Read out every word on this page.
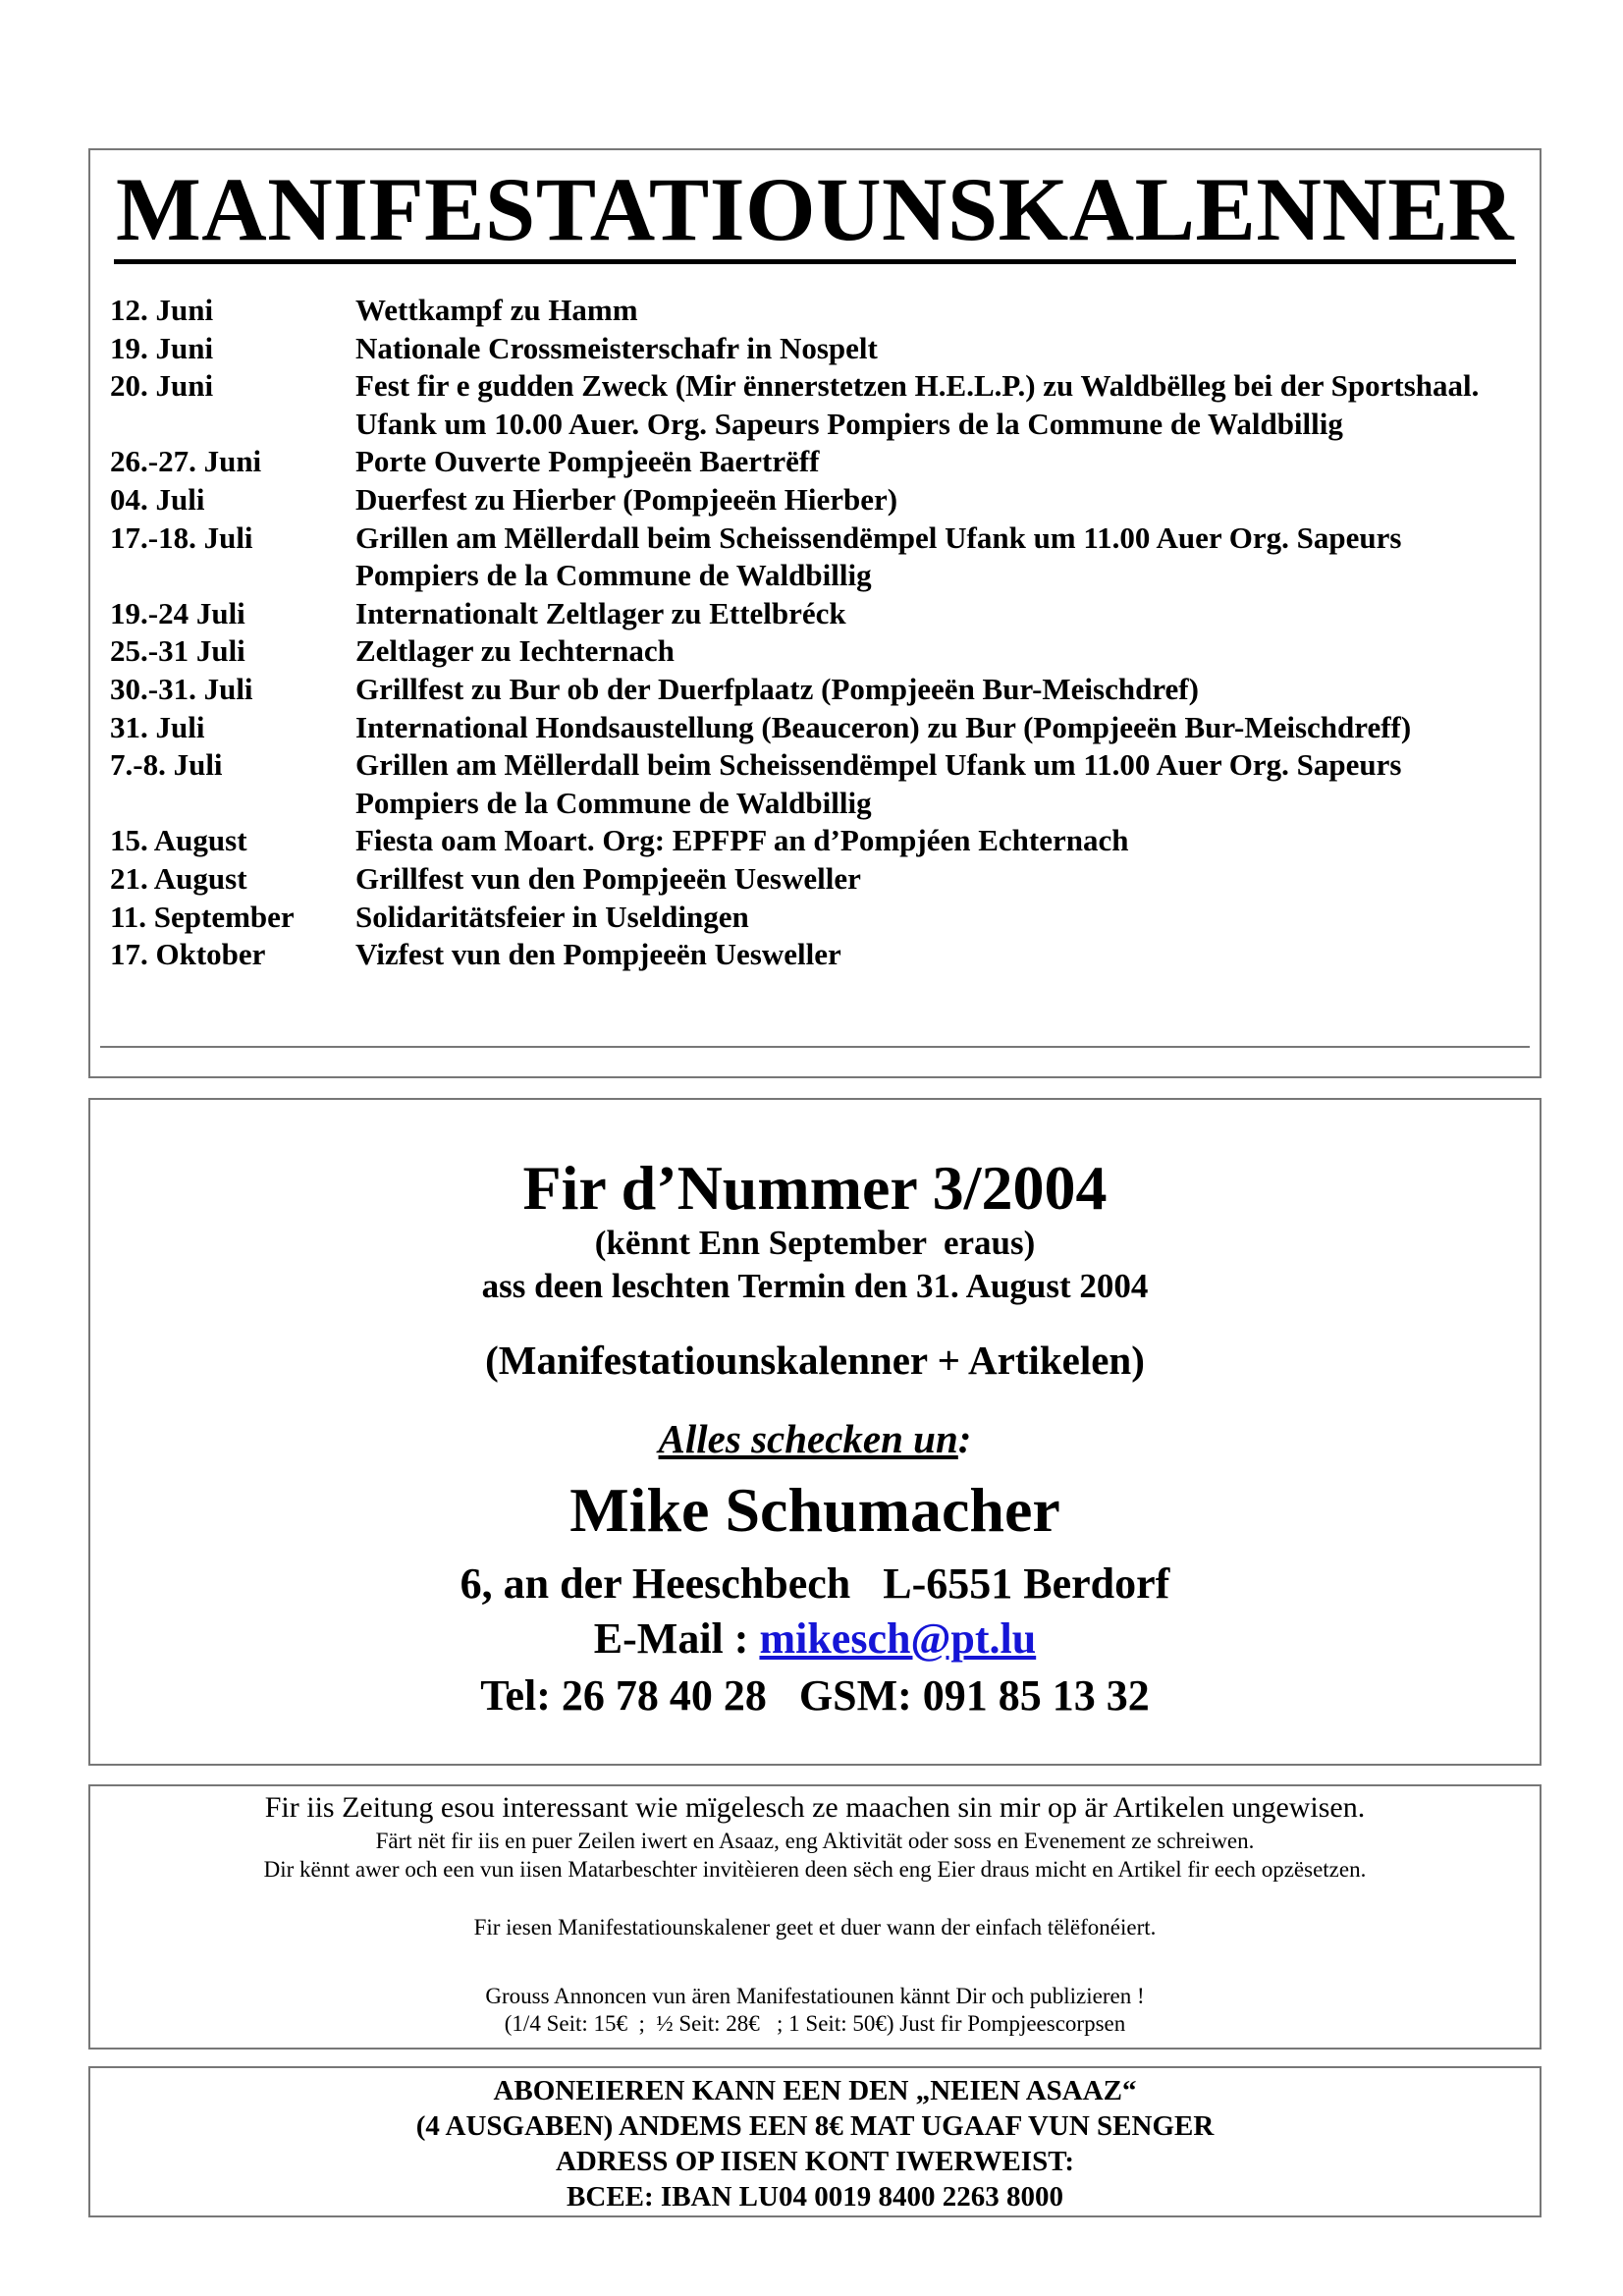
MANIFESTATIOUNSKALENNER
12. Juni	Wettkampf zu Hamm
19. Juni	Nationale Crossmeisterschafr in Nospelt
20. Juni	Fest fir e gudden Zweck (Mir ënnerstetzen H.E.L.P.) zu Waldbëlleg bei der Sportshaal. Ufank um 10.00 Auer. Org. Sapeurs Pompiers de la Commune de Waldbillig
26.-27. Juni	Porte Ouverte Pompjeeën Baertrëff
04. Juli	Duerfest zu Hierber (Pompjeeën Hierber)
17.-18. Juli	Grillen am Mëllerdall beim Scheissendëmpel Ufank um 11.00 Auer Org. Sapeurs Pompiers de la Commune de Waldbillig
19.-24 Juli	Internationalt Zeltlager zu Ettelbréck
25.-31 Juli	Zeltlager zu Iechternach
30.-31. Juli	Grillfest zu Bur ob der Duerfplaatz (Pompjeeën Bur-Meischdref)
31. Juli	International Hondsaustellung (Beauceron) zu Bur (Pompjeeën Bur-Meischdreff)
7.-8. Juli	Grillen am Mëllerdall beim Scheissendëmpel Ufank um 11.00 Auer Org. Sapeurs Pompiers de la Commune de Waldbillig
15. August	Fiesta oam Moart. Org: EPFPF an d’Pompjéen Echternach
21. August	Grillfest vun den Pompjeeën Uesweller
11. September	Solidaritätsfeier in Useldingen
17. Oktober	Vizfest vun den Pompjeeën Uesweller
Fir d’Nummer 3/2004
(kënnt Enn September  eraus)
ass deen leschten Termin den 31. August 2004
(Manifestatiounskalenner + Artikelen)
Alles schecken un:
Mike Schumacher
6, an der Heeschbech   L-6551 Berdorf
E-Mail : mikesch@pt.lu
Tel: 26 78 40 28   GSM: 091 85 13 32
Fir iis Zeitung esou interessant wie mïgelesch ze maachen sin mir op är Artikelen ungewisen.
Färt nët fir iis en puer Zeilen iwert en Asaaz, eng Aktivität oder soss en Evenement ze schreiwen.
Dir kënnt awer och een vun iisen Matarbeschter invitèieren deen sëch eng Eier draus micht en Artikel fir eech opzësetzen.
Fir iesen Manifestatiounskalener geet et duer wann der einfach tëlëfonéiert.
Grouss Annoncen vun ären Manifestatiounen kännt Dir och publizieren !
(1/4 Seit: 15€  ;  ½ Seit: 28€   ; 1 Seit: 50€) Just fir Pompjeescorpsen
ABONEIEREN KANN EEN DEN „NEIEN ASAAZ“
(4 AUSGABEN) ANDEMS EEN 8€ MAT UGAAF VUN SENGER
ADRESS OP IISEN KONT IWERWEIST:
BCEE: IBAN LU04 0019 8400 2263 8000
